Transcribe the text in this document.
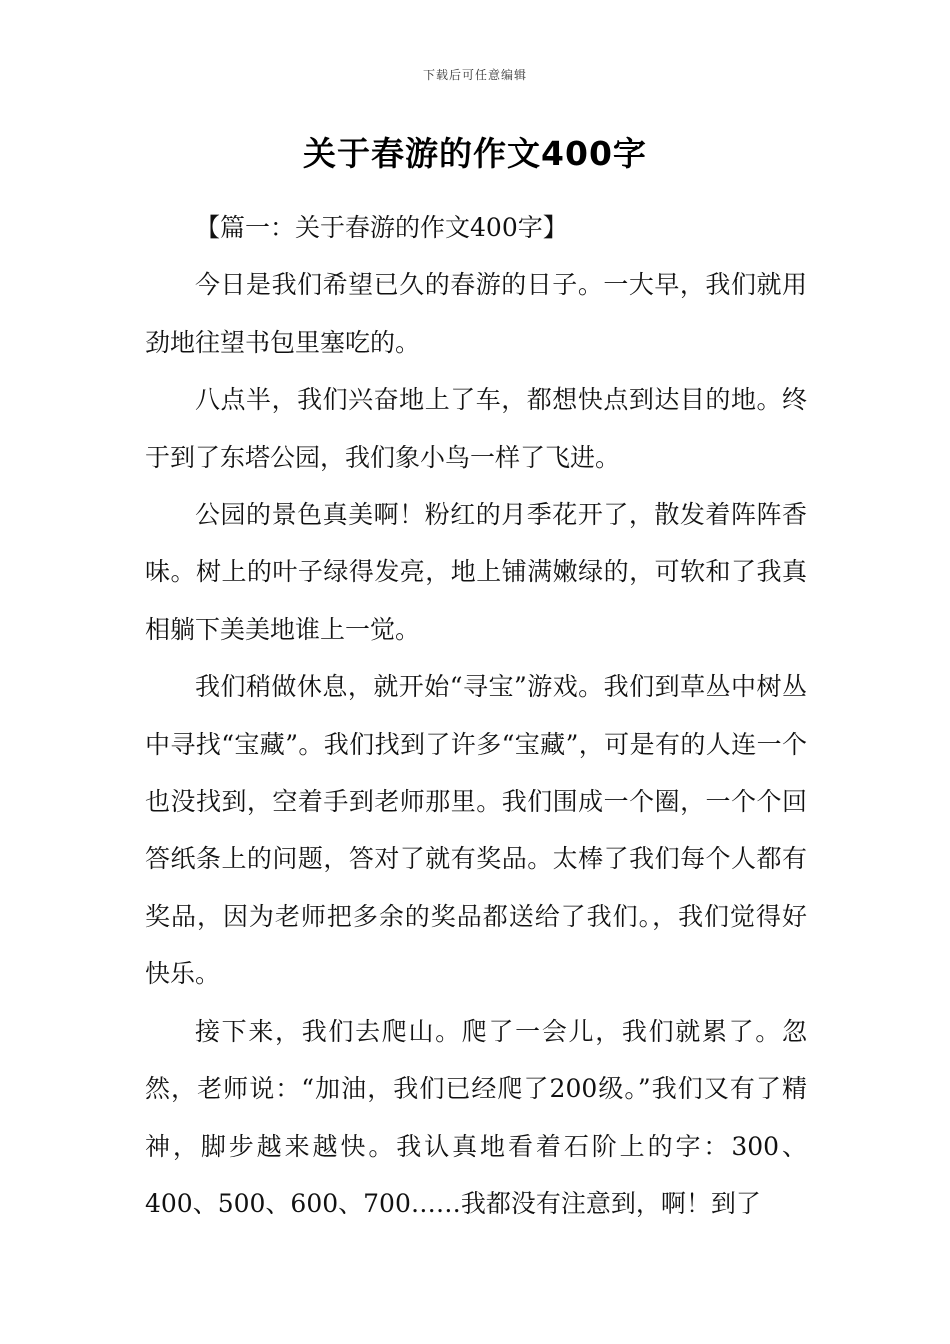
下载后可任意编辑
关于春游的作文400字

【篇一：关于春游的作文400字】

今日是我们希望已久的春游的日子。一大早，我们就用劲地往望书包里塞吃的。

八点半，我们兴奋地上了车，都想快点到达目的地。终于到了东塔公园，我们象小鸟一样了飞进。

公园的景色真美啊！粉红的月季花开了，散发着阵阵香味。树上的叶子绿得发亮，地上铺满嫩绿的，可软和了我真相躺下美美地谁上一觉。

我们稍做休息，就开始“寻宝”游戏。我们到草丛中树丛中寻找“宝藏”。我们找到了许多“宝藏”，可是有的人连一个也没找到，空着手到老师那里。我们围成一个圈，一个个回答纸条上的问题，答对了就有奖品。太棒了我们每个人都有奖品，因为老师把多余的奖品都送给了我们。，我们觉得好快乐。

接下来，我们去爬山。爬了一会儿，我们就累了。忽然，老师说：“加油，我们已经爬了200级。”我们又有了精神，脚步越来越快。我认真地看着石阶上的字：300、400、500、600、700……我都没有注意到，啊！到了
